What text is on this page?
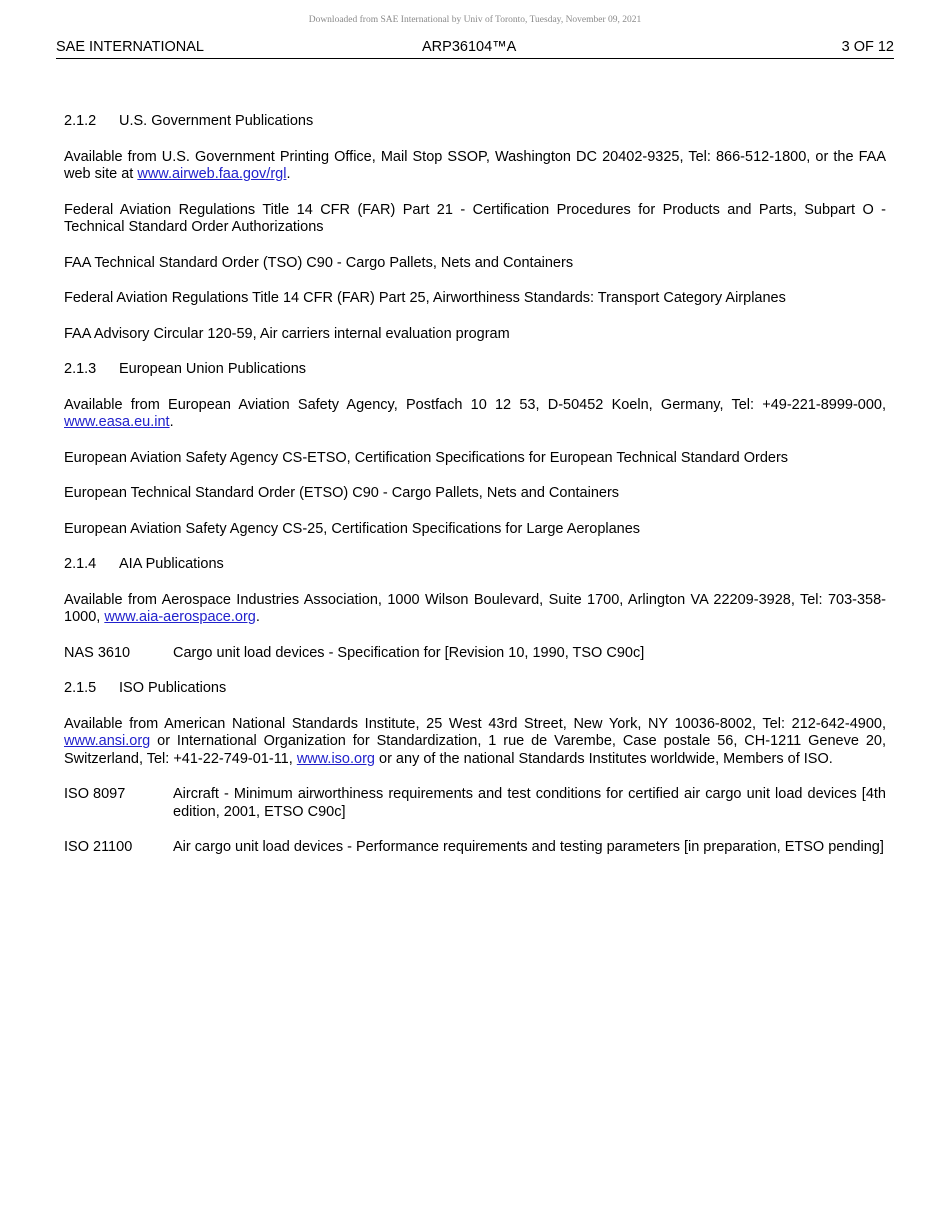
Downloaded from SAE International by Univ of Toronto, Tuesday, November 09, 2021
SAE INTERNATIONAL	ARP36104™A	3 OF 12
2.1.2 U.S. Government Publications

Available from U.S. Government Printing Office, Mail Stop SSOP, Washington DC 20402-9325, Tel: 866-512-1800, or the FAA web site at www.airweb.faa.gov/rgl.

Federal Aviation Regulations Title 14 CFR (FAR) Part 21 - Certification Procedures for Products and Parts, Subpart O - Technical Standard Order Authorizations

FAA Technical Standard Order (TSO) C90 - Cargo Pallets, Nets and Containers

Federal Aviation Regulations Title 14 CFR (FAR) Part 25, Airworthiness Standards: Transport Category Airplanes

FAA Advisory Circular 120-59, Air carriers internal evaluation program

2.1.3 European Union Publications

Available from European Aviation Safety Agency, Postfach 10 12 53, D-50452 Koeln, Germany, Tel: +49-221-8999-000, www.easa.eu.int.

European Aviation Safety Agency CS-ETSO, Certification Specifications for European Technical Standard Orders

European Technical Standard Order (ETSO) C90 - Cargo Pallets, Nets and Containers

European Aviation Safety Agency CS-25, Certification Specifications for Large Aeroplanes

2.1.4 AIA Publications

Available from Aerospace Industries Association, 1000 Wilson Boulevard, Suite 1700, Arlington VA 22209-3928, Tel: 703-358-1000, www.aia-aerospace.org.

NAS 3610	Cargo unit load devices - Specification for [Revision 10, 1990, TSO C90c]
2.1.5 ISO Publications

Available from American National Standards Institute, 25 West 43rd Street, New York, NY 10036-8002, Tel: 212-642-4900, www.ansi.org or International Organization for Standardization, 1 rue de Varembe, Case postale 56, CH-1211 Geneve 20, Switzerland, Tel: +41-22-749-01-11, www.iso.org or any of the national Standards Institutes worldwide, Members of ISO.

ISO 8097	Aircraft - Minimum airworthiness requirements and test conditions for certified air cargo unit load devices [4th edition, 2001, ETSO C90c]
ISO 21100	Air cargo unit load devices - Performance requirements and testing parameters [in preparation, ETSO pending]
